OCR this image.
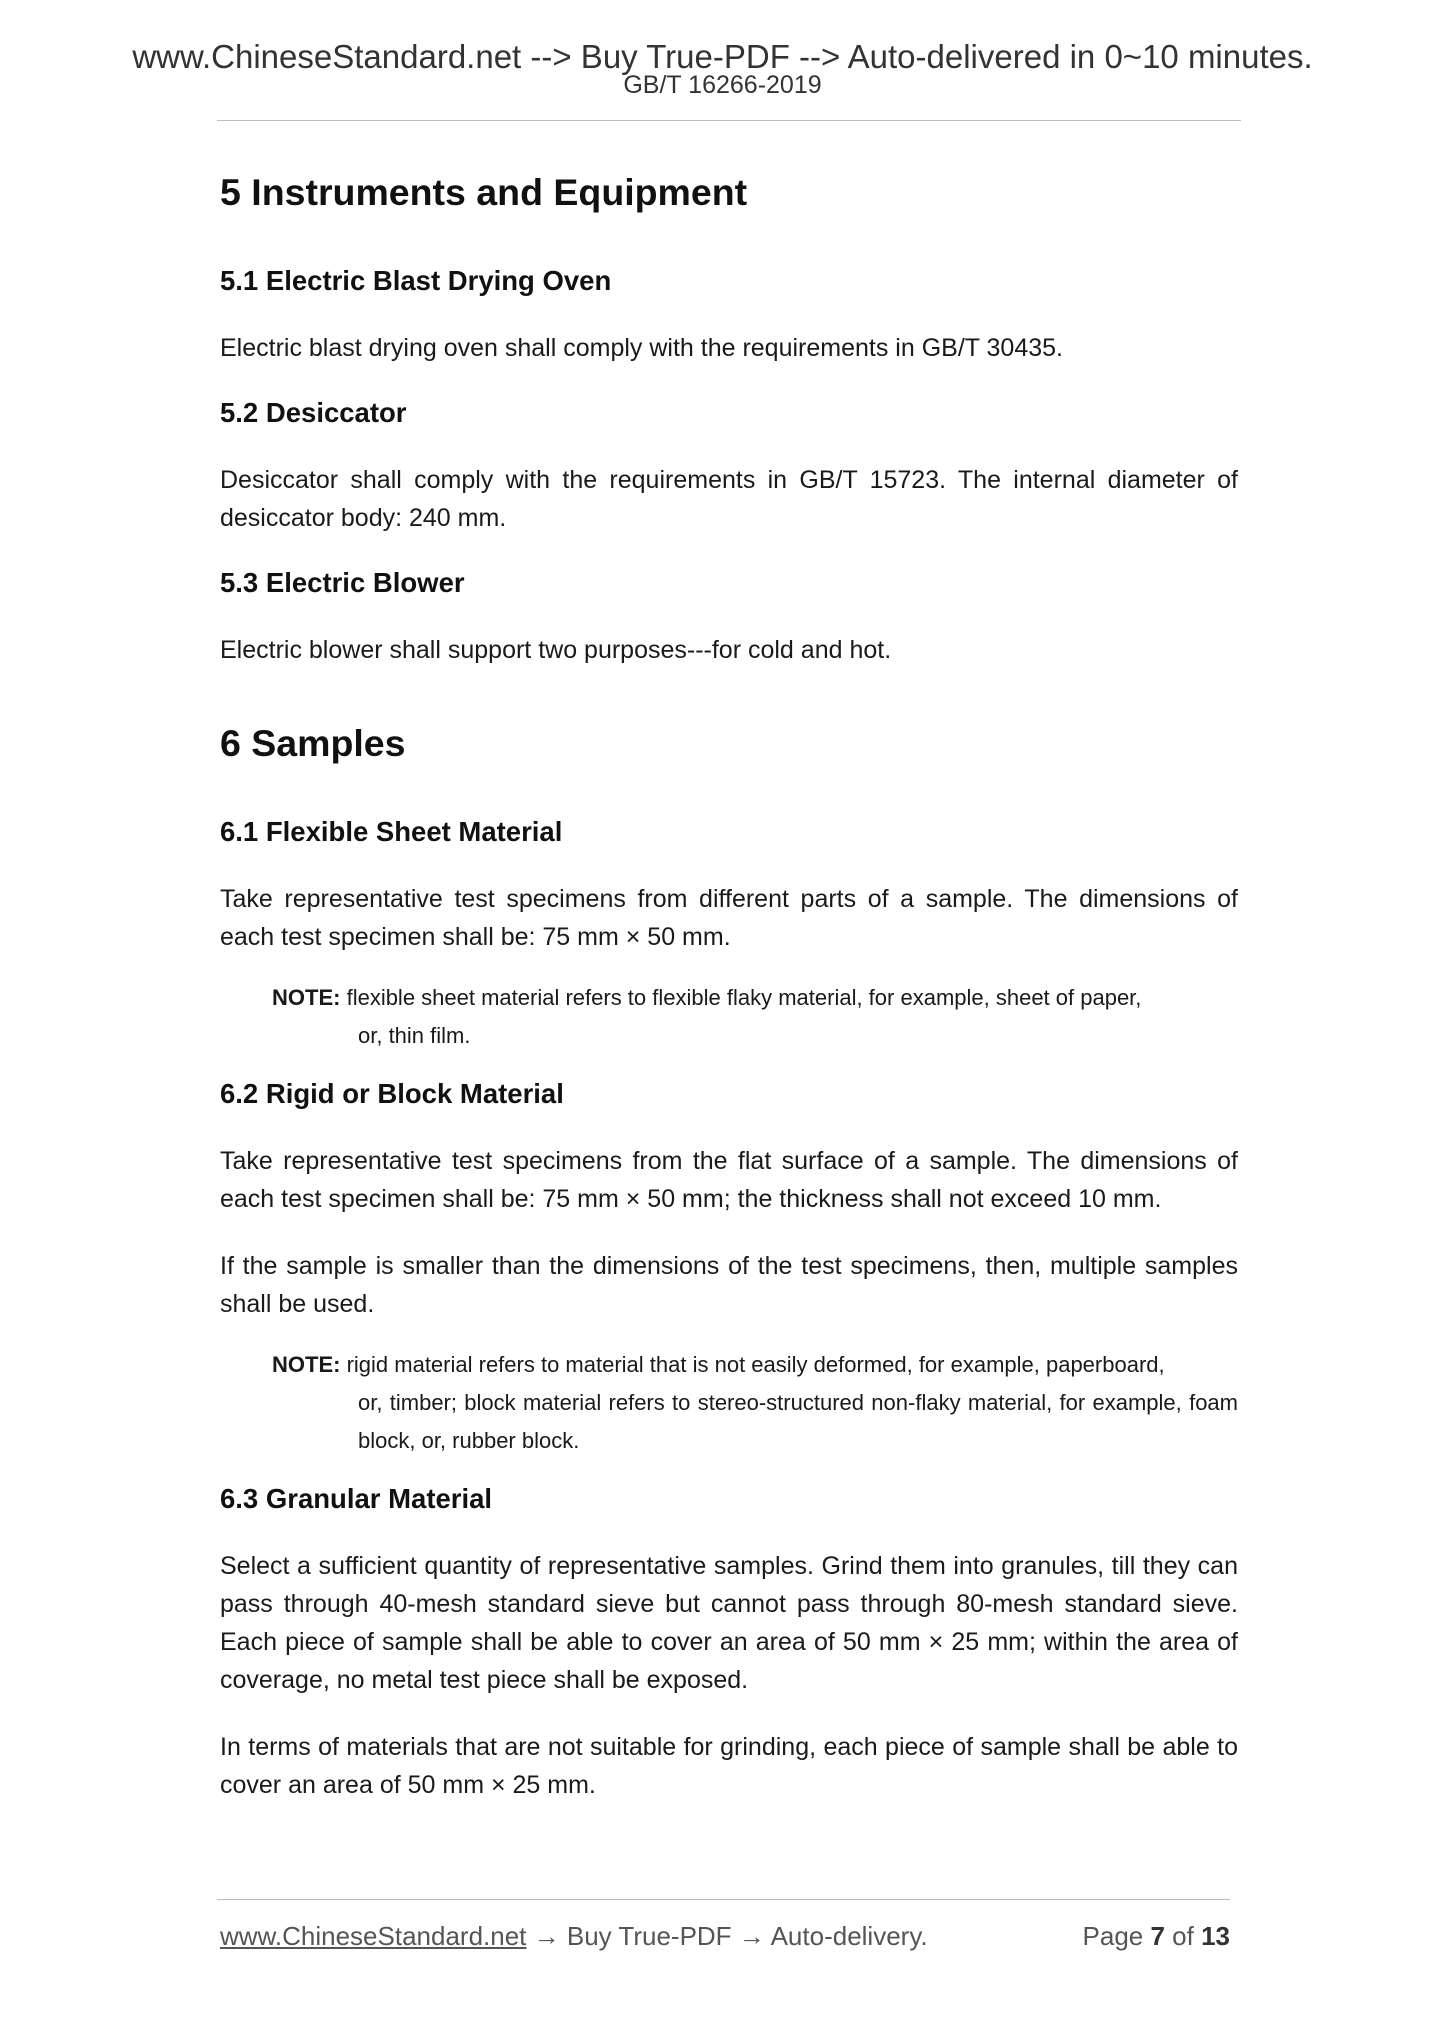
www.ChineseStandard.net --> Buy True-PDF --> Auto-delivered in 0~10 minutes.
GB/T 16266-2019
5 Instruments and Equipment
5.1 Electric Blast Drying Oven

Electric blast drying oven shall comply with the requirements in GB/T 30435.

5.2 Desiccator

Desiccator shall comply with the requirements in GB/T 15723. The internal diameter of desiccator body: 240 mm.

5.3 Electric Blower

Electric blower shall support two purposes---for cold and hot.

6 Samples
6.1 Flexible Sheet Material

Take representative test specimens from different parts of a sample. The dimensions of each test specimen shall be: 75 mm × 50 mm.

NOTE: flexible sheet material refers to flexible flaky material, for example, sheet of paper,
or, thin film.
6.2 Rigid or Block Material

Take representative test specimens from the flat surface of a sample. The dimensions of each test specimen shall be: 75 mm × 50 mm; the thickness shall not exceed 10 mm.

If the sample is smaller than the dimensions of the test specimens, then, multiple samples shall be used.

NOTE: rigid material refers to material that is not easily deformed, for example, paperboard,
or, timber; block material refers to stereo-structured non-flaky material, for example, foam block, or, rubber block.
6.3 Granular Material

Select a sufficient quantity of representative samples. Grind them into granules, till they can pass through 40-mesh standard sieve but cannot pass through 80-mesh standard sieve. Each piece of sample shall be able to cover an area of 50 mm × 25 mm; within the area of coverage, no metal test piece shall be exposed.

In terms of materials that are not suitable for grinding, each piece of sample shall be able to cover an area of 50 mm × 25 mm.

www.ChineseStandard.net → Buy True-PDF → Auto-delivery.	Page 7 of 13
